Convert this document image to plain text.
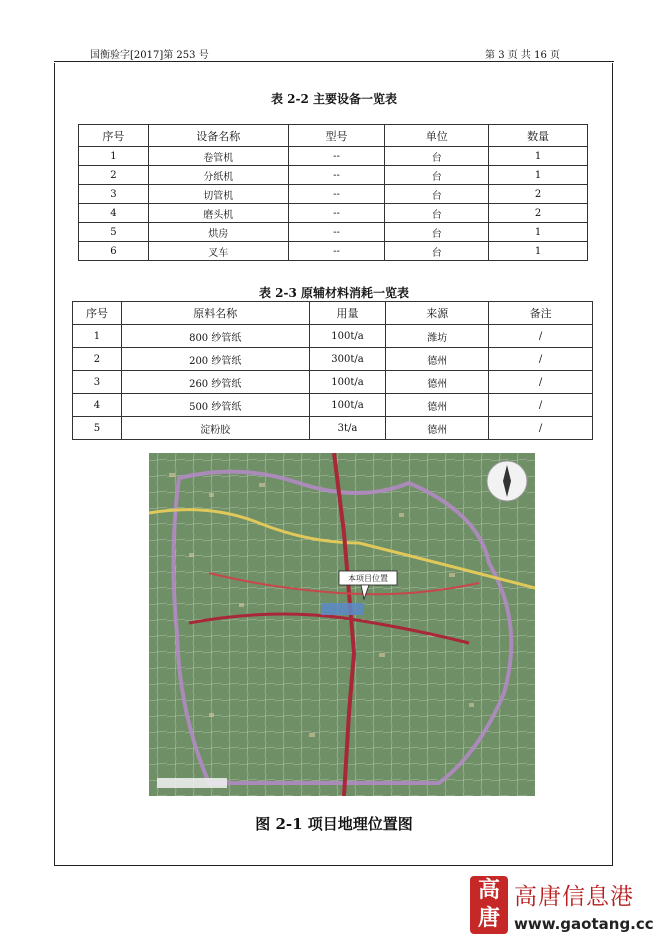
国衡验字[2017]第 253 号	第 3 页 共 16 页
表 2-2 主要设备一览表
序号	设备名称	型号	单位	数量
1	卷管机	--	台	1
2	分纸机	--	台	1
3	切管机	--	台	2
4	磨头机	--	台	2
5	烘房	--	台	1
6	叉车	--	台	1
表 2-3 原辅材料消耗一览表
序号	原料名称	用量	来源	备注
1	800 纱管纸	100t/a	潍坊	/
2	200 纱管纸	300t/a	德州	/
3	260 纱管纸	100t/a	德州	/
4	500 纱管纸	100t/a	德州	/
5	淀粉胶	3t/a	德州	/
本项目位置
图 2-1 项目地理位置图
高
唐
高唐信息港
www.gaotang.cc
